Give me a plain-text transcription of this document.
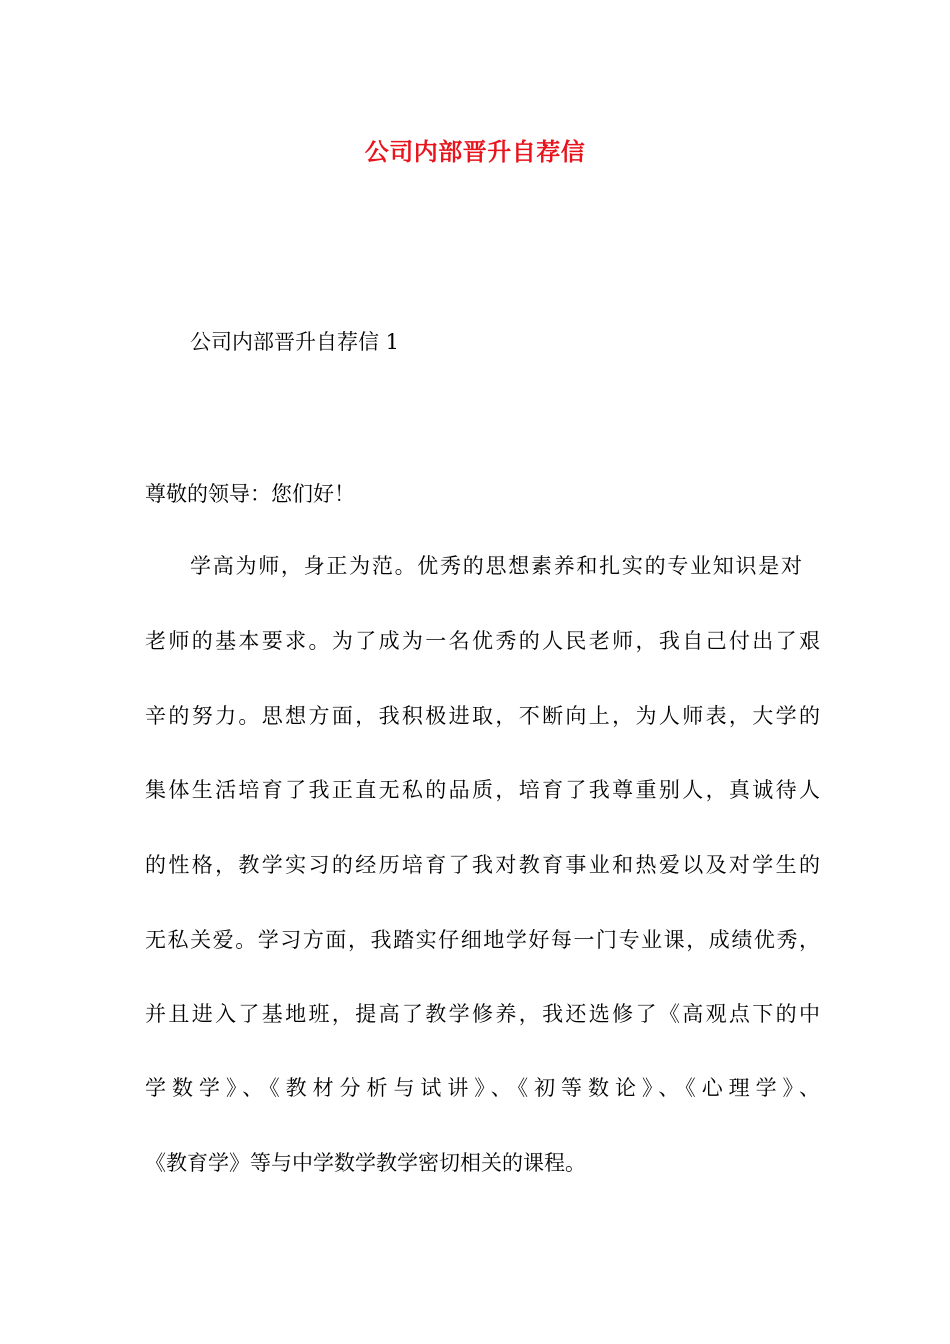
公司内部晋升自荐信
公司内部晋升自荐信 1
尊敬的领导：您们好！
学高为师，身正为范。优秀的思想素养和扎实的专业知识是对
老师的基本要求。为了成为一名优秀的人民老师，我自己付出了艰
辛的努力。思想方面，我积极进取，不断向上，为人师表，大学的
集体生活培育了我正直无私的品质，培育了我尊重别人，真诚待人
的性格，教学实习的经历培育了我对教育事业和热爱以及对学生的
无私关爱。学习方面，我踏实仔细地学好每一门专业课，成绩优秀，
并且进入了基地班，提高了教学修养，我还选修了《高观点下的中
学数学》、《教材分析与试讲》、《初等数论》、《心理学》、
《教育学》等与中学数学教学密切相关的课程。
